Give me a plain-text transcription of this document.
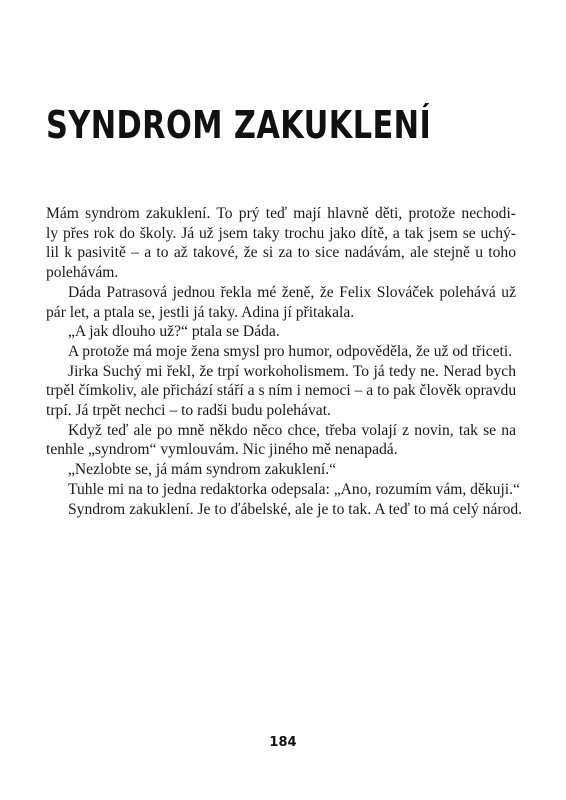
SYNDROM ZAKUKLENÍ
Mám syndrom zakuklení. To prý teď mají hlavně děti, protože nechodi-
ly přes rok do školy. Já už jsem taky trochu jako dítě, a tak jsem se uchý-
lil k pasivitě – a to až takové, že si za to sice nadávám, ale stejně u toho
polehávám.
Dáda Patrasová jednou řekla mé ženě, že Felix Slováček polehává už
pár let, a ptala se, jestli já taky. Adina jí přitakala.
„A jak dlouho už?“ ptala se Dáda.
A protože má moje žena smysl pro humor, odpověděla, že už od třiceti.
Jirka Suchý mi řekl, že trpí workoholismem. To já tedy ne. Nerad bych
trpěl čímkoliv, ale přichází stáří a s ním i nemoci – a to pak člověk opravdu
trpí. Já trpět nechci – to radši budu polehávat.
Když teď ale po mně někdo něco chce, třeba volají z novin, tak se na
tenhle „syndrom“ vymlouvám. Nic jiného mě nenapadá.
„Nezlobte se, já mám syndrom zakuklení.“
Tuhle mi na to jedna redaktorka odepsala: „Ano, rozumím vám, děkuji.“
Syndrom zakuklení. Je to ďábelské, ale je to tak. A teď to má celý národ.
184
